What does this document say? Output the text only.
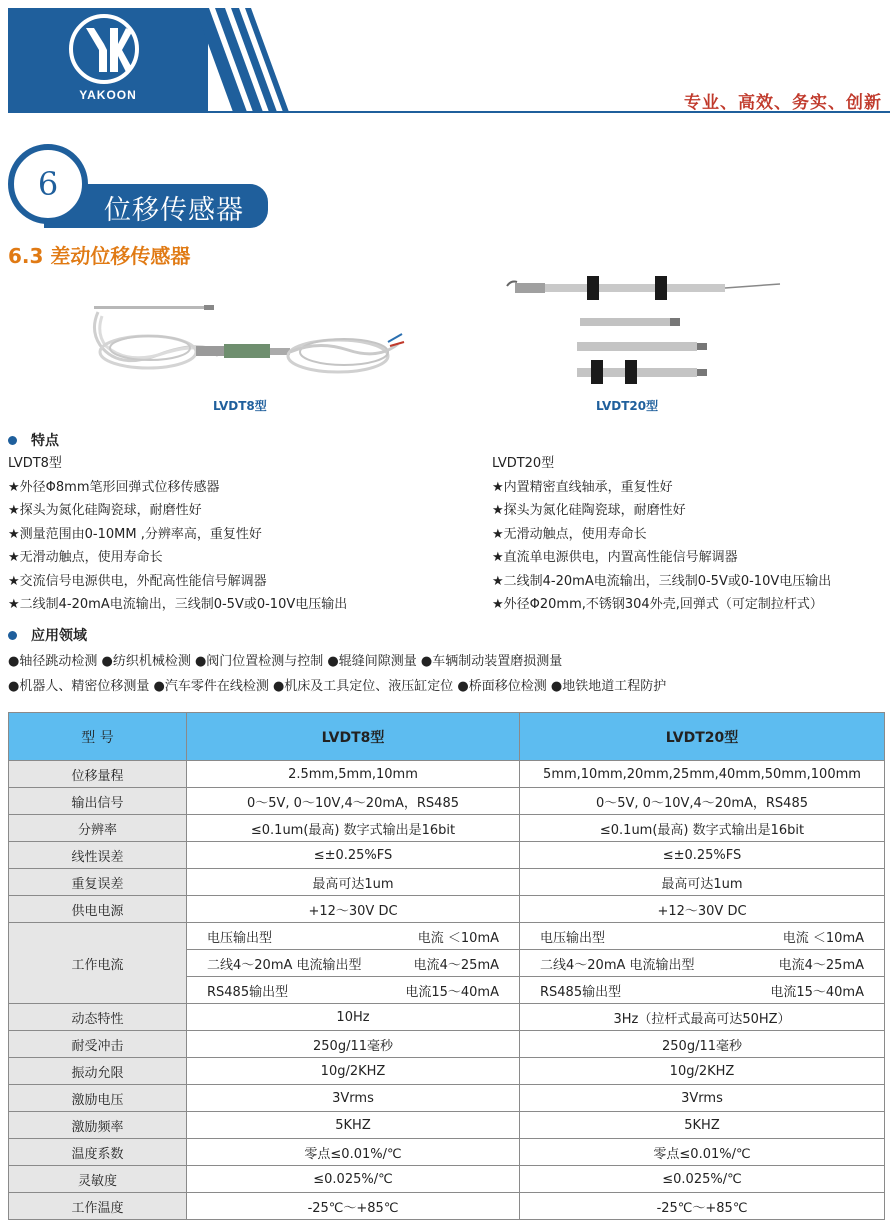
YAKOON	专业、高效、务实、创新
位移传感器
6
6.3 差动位移传感器
LVDT8型	LVDT20型
特点
LVDT8型
★外径Φ8mm笔形回弹式位移传感器
★探头为氮化硅陶瓷球，耐磨性好
★测量范围由0-10MM ,分辨率高，重复性好
★无滑动触点，使用寿命长
★交流信号电源供电，外配高性能信号解调器
★二线制4-20mA电流输出，三线制0-5V或0-10V电压输出
LVDT20型
★内置精密直线轴承，重复性好
★探头为氮化硅陶瓷球，耐磨性好
★无滑动触点，使用寿命长
★直流单电源供电，内置高性能信号解调器
★二线制4-20mA电流输出，三线制0-5V或0-10V电压输出
★外径Φ20mm,不锈钢304外壳,回弹式（可定制拉杆式）
应用领域
●轴径跳动检测 ●纺织机械检测 ●阀门位置检测与控制 ●辊缝间隙测量 ●车辆制动装置磨损测量
●机器人、精密位移测量 ●汽车零件在线检测 ●机床及工具定位、液压缸定位 ●桥面移位检测 ●地铁地道工程防护
型 号	LVDT8型	LVDT20型
位移量程	2.5mm,5mm,10mm	5mm,10mm,20mm,25mm,40mm,50mm,100mm
输出信号	0～5V, 0～10V,4～20mA，RS485	0～5V, 0～10V,4～20mA，RS485
分辨率	≤0.1um(最高) 数字式输出是16bit	≤0.1um(最高) 数字式输出是16bit
线性误差	≤±0.25%FS	≤±0.25%FS
重复误差	最高可达1um	最高可达1um
供电电源	+12～30V DC	+12～30V DC
工作电流	电压输出型 电流 ＜10mA	电压输出型 电流 ＜10mA

	二线4～20mA 电流输出型 电流4～25mA	二线4～20mA 电流输出型 电流4～25mA

	RS485输出型 电流15～40mA	RS485输出型 电流15～40mA

动态特性	10Hz	3Hz（拉杆式最高可达50HZ）
耐受冲击	250g/11毫秒	250g/11毫秒
振动允限	10g/2KHZ	10g/2KHZ
激励电压	3Vrms	3Vrms
激励频率	5KHZ	5KHZ
温度系数	零点≤0.01%/℃	零点≤0.01%/℃
灵敏度	≤0.025%/℃	≤0.025%/℃
工作温度	-25℃～+85℃	-25℃～+85℃
